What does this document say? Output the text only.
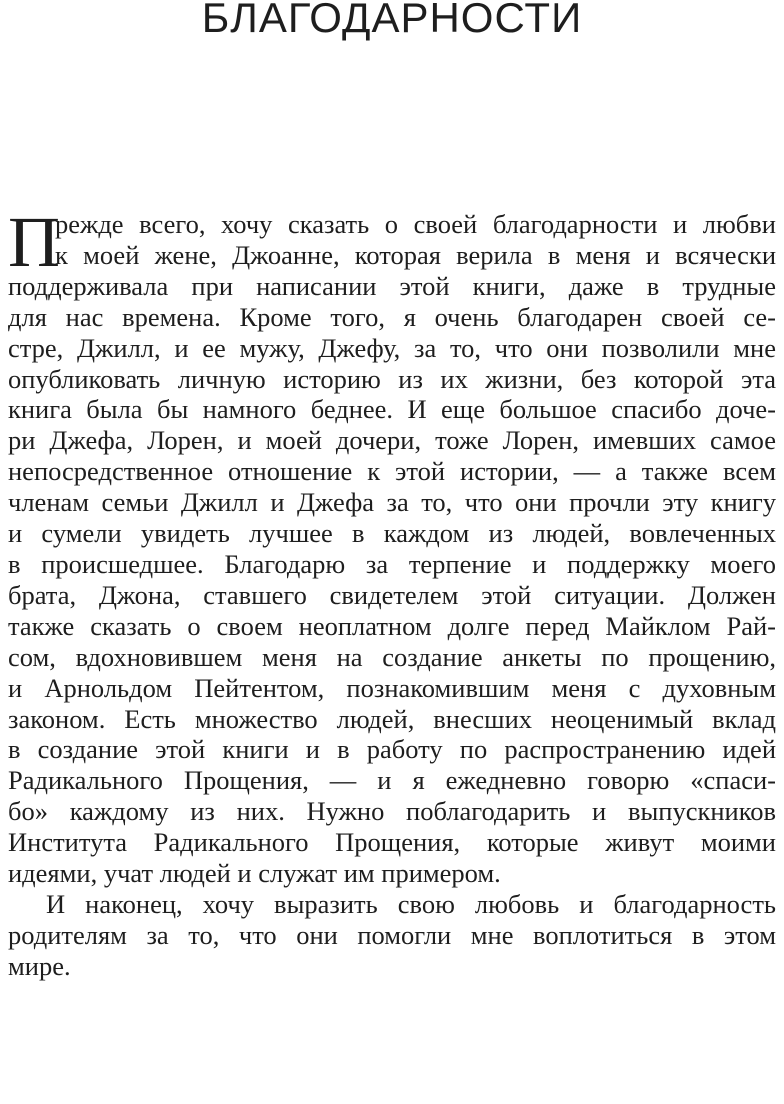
БЛАГОДАРНОСТИ
П
режде всего, хочу сказать о своей благодарности и любви
к моей жене, Джоанне, которая верила в меня и всячески
поддерживала при написании этой книги, даже в трудные
для нас времена. Кроме того, я очень благодарен своей се-
стре, Джилл, и ее мужу, Джефу, за то, что они позволили мне
опубликовать личную историю из их жизни, без которой эта
книга была бы намного беднее. И еще большое спасибо доче-
ри Джефа, Лорен, и моей дочери, тоже Лорен, имевших самое
непосредственное отношение к этой истории, — а также всем
членам семьи Джилл и Джефа за то, что они прочли эту книгу
и сумели увидеть лучшее в каждом из людей, вовлеченных
в происшедшее. Благодарю за терпение и поддержку моего
брата, Джона, ставшего свидетелем этой ситуации. Должен
также сказать о своем неоплатном долге перед Майклом Рай-
сом, вдохновившем меня на создание анкеты по прощению,
и Арнольдом Пейтентом, познакомившим меня с духовным
законом. Есть множество людей, внесших неоценимый вклад
в создание этой книги и в работу по распространению идей
Радикального Прощения, — и я ежедневно говорю «спаси-
бо» каждому из них. Нужно поблагодарить и выпускников
Института Радикального Прощения, которые живут моими
идеями, учат людей и служат им примером.
И наконец, хочу выразить свою любовь и благодарность
родителям за то, что они помогли мне воплотиться в этом
мире.
